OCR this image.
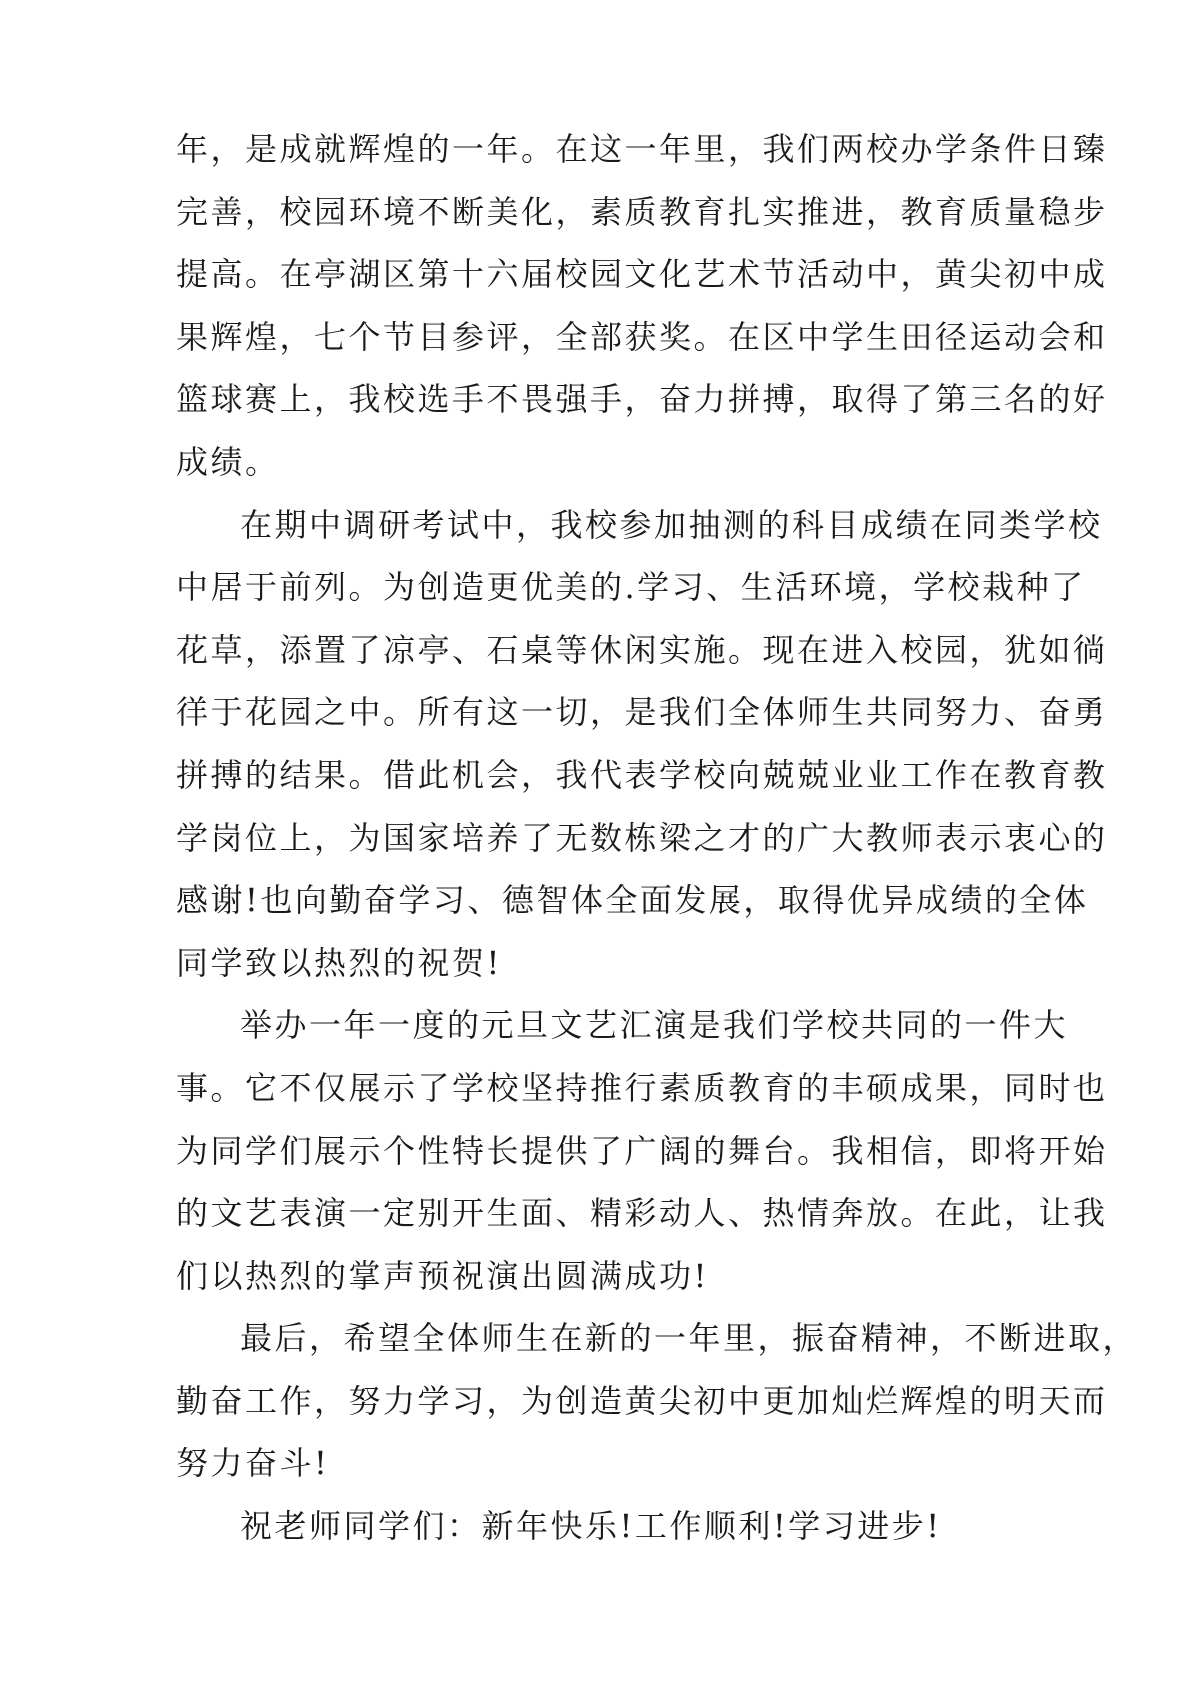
年，是成就辉煌的一年。在这一年里，我们两校办学条件日臻
完善，校园环境不断美化，素质教育扎实推进，教育质量稳步
提高。在亭湖区第十六届校园文化艺术节活动中，黄尖初中成
果辉煌，七个节目参评，全部获奖。在区中学生田径运动会和
篮球赛上，我校选手不畏强手，奋力拼搏，取得了第三名的好
成绩。

在期中调研考试中，我校参加抽测的科目成绩在同类学校
中居于前列。为创造更优美的.学习、生活环境，学校栽种了
花草，添置了凉亭、石桌等休闲实施。现在进入校园，犹如徜
徉于花园之中。所有这一切，是我们全体师生共同努力、奋勇
拼搏的结果。借此机会，我代表学校向兢兢业业工作在教育教
学岗位上，为国家培养了无数栋梁之才的广大教师表示衷心的
感谢!也向勤奋学习、德智体全面发展，取得优异成绩的全体
同学致以热烈的祝贺!

举办一年一度的元旦文艺汇演是我们学校共同的一件大
事。它不仅展示了学校坚持推行素质教育的丰硕成果，同时也
为同学们展示个性特长提供了广阔的舞台。我相信，即将开始
的文艺表演一定别开生面、精彩动人、热情奔放。在此，让我
们以热烈的掌声预祝演出圆满成功!

最后，希望全体师生在新的一年里，振奋精神，不断进取，
勤奋工作，努力学习，为创造黄尖初中更加灿烂辉煌的明天而
努力奋斗!

祝老师同学们：新年快乐!工作顺利!学习进步!
